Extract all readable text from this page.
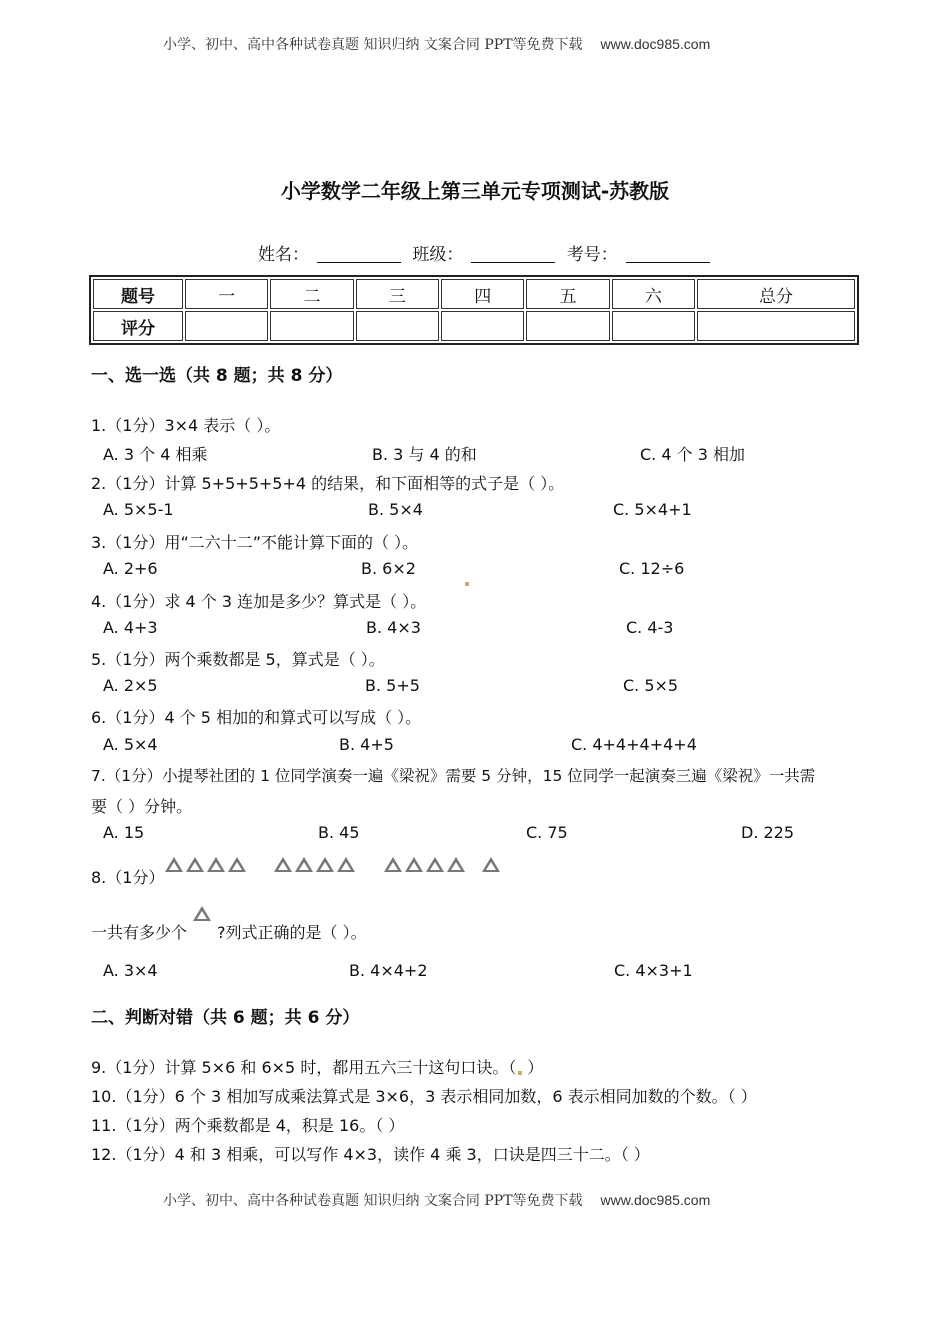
小学、初中、高中各种试卷真题 知识归纳 文案合同 PPT等免费下载 www.doc985.com
小学数学二年级上第三单元专项测试-苏教版
姓名：	班级：	考号：
题号	一	二	三	四	五	六	总分
评分							
一、选一选（共 8 题；共 8 分）
1.（1分）3×4 表示（ ）。
A. 3 个 4 相乘	B. 3 与 4 的和	C. 4 个 3 相加
2.（1分）计算 5+5+5+5+4 的结果，和下面相等的式子是（ ）。
A. 5×5-1	B. 5×4	C. 5×4+1
3.（1分）用“二六十二”不能计算下面的（ ）。
A. 2+6	B. 6×2	C. 12÷6
4.（1分）求 4 个 3 连加是多少？算式是（ ）。
A. 4+3	B. 4×3	C. 4-3
5.（1分）两个乘数都是 5，算式是（ ）。
A. 2×5	B. 5+5	C. 5×5
6.（1分）4 个 5 相加的和算式可以写成（ ）。
A. 5×4	B. 4+5	C. 4+4+4+4+4
7.（1分）小提琴社团的 1 位同学演奏一遍《梁祝》需要 5 分钟，15 位同学一起演奏三遍《梁祝》一共需
要（ ）分钟。
A. 15	B. 45	C. 75	D. 225
8.（1分）
一共有多少个 ?列式正确的是（ ）。
A. 3×4	B. 4×4+2	C. 4×3+1
二、判断对错（共 6 题；共 6 分）
9.（1分）计算 5×6 和 6×5 时，都用五六三十这句口诀。（ ）
10.（1分）6 个 3 相加写成乘法算式是 3×6，3 表示相同加数，6 表示相同加数的个数。（ ）
11.（1分）两个乘数都是 4，积是 16。（ ）
12.（1分）4 和 3 相乘，可以写作 4×3，读作 4 乘 3，口诀是四三十二。（ ）
小学、初中、高中各种试卷真题 知识归纳 文案合同 PPT等免费下载 www.doc985.com
